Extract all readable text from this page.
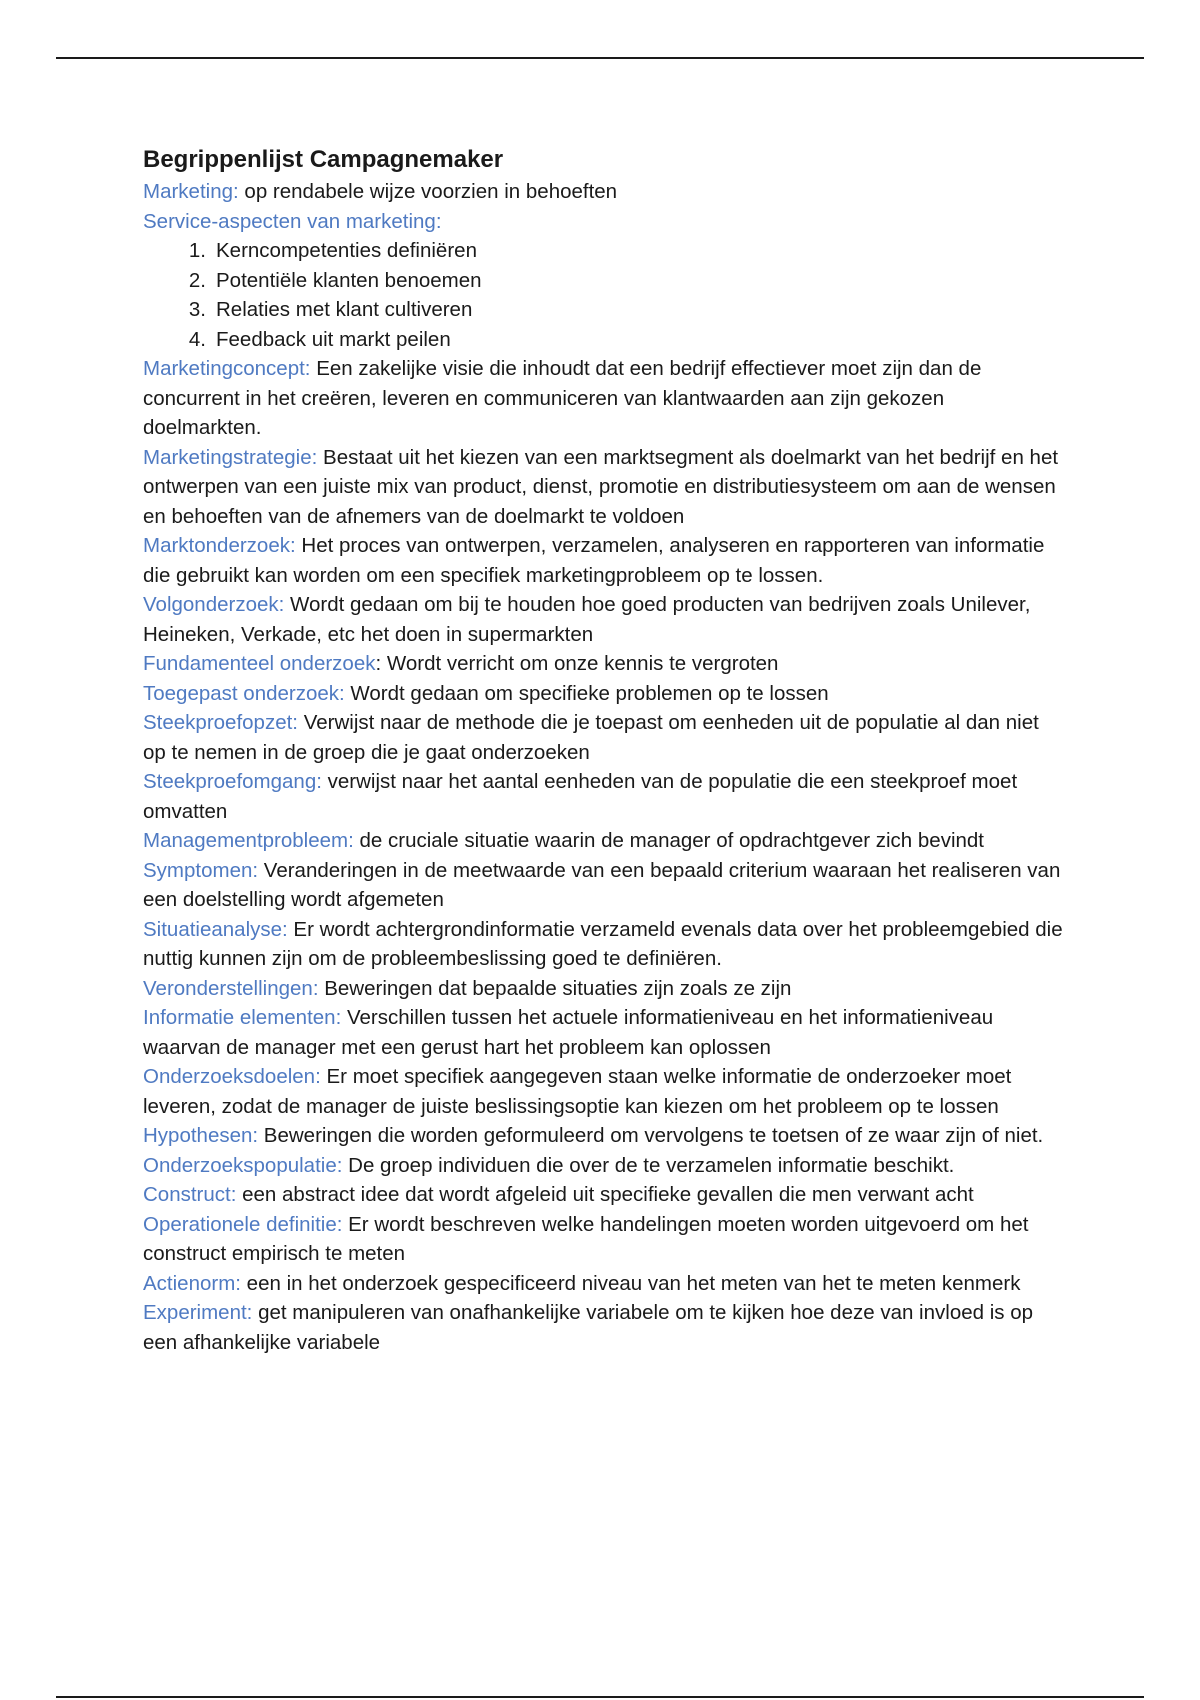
Begrippenlijst Campagnemaker

Marketing: op rendabele wijze voorzien in behoeften

Service-aspecten van marketing:

1. Kerncompetenties definiëren
2. Potentiële klanten benoemen
3. Relaties met klant cultiveren
4. Feedback uit markt peilen

Marketingconcept: Een zakelijke visie die inhoudt dat een bedrijf effectiever moet zijn dan de concurrent in het creëren, leveren en communiceren van klantwaarden aan zijn gekozen doelmarkten.

Marketingstrategie: Bestaat uit het kiezen van een marktsegment als doelmarkt van het bedrijf en het ontwerpen van een juiste mix van product, dienst, promotie en distributiesysteem om aan de wensen en behoeften van de afnemers van de doelmarkt te voldoen

Marktonderzoek: Het proces van ontwerpen, verzamelen, analyseren en rapporteren van informatie die gebruikt kan worden om een specifiek marketingprobleem op te lossen.

Volgonderzoek: Wordt gedaan om bij te houden hoe goed producten van bedrijven zoals Unilever, Heineken, Verkade, etc het doen in supermarkten

Fundamenteel onderzoek: Wordt verricht om onze kennis te vergroten

Toegepast onderzoek: Wordt gedaan om specifieke problemen op te lossen

Steekproefopzet: Verwijst naar de methode die je toepast om eenheden uit de populatie al dan niet op te nemen in de groep die je gaat onderzoeken

Steekproefomgang: verwijst naar het aantal eenheden van de populatie die een steekproef moet omvatten

Managementprobleem: de cruciale situatie waarin de manager of opdrachtgever zich bevindt

Symptomen: Veranderingen in de meetwaarde van een bepaald criterium waaraan het realiseren van een doelstelling wordt afgemeten

Situatieanalyse: Er wordt achtergrondinformatie verzameld evenals data over het probleemgebied die nuttig kunnen zijn om de probleembeslissing goed te definiëren.

Veronderstellingen: Beweringen dat bepaalde situaties zijn zoals ze zijn

Informatie elementen: Verschillen tussen het actuele informatieniveau en het informatieniveau waarvan de manager met een gerust hart het probleem kan oplossen

Onderzoeksdoelen: Er moet specifiek aangegeven staan welke informatie de onderzoeker moet leveren, zodat de manager de juiste beslissingsoptie kan kiezen om het probleem op te lossen

Hypothesen: Beweringen die worden geformuleerd om vervolgens te toetsen of ze waar zijn of niet.

Onderzoekspopulatie: De groep individuen die over de te verzamelen informatie beschikt.

Construct: een abstract idee dat wordt afgeleid uit specifieke gevallen die men verwant acht

Operationele definitie: Er wordt beschreven welke handelingen moeten worden uitgevoerd om het construct empirisch te meten

Actienorm: een in het onderzoek gespecificeerd niveau van het meten van het te meten kenmerk

Experiment: get manipuleren van onafhankelijke variabele om te kijken hoe deze van invloed is op een afhankelijke variabele
